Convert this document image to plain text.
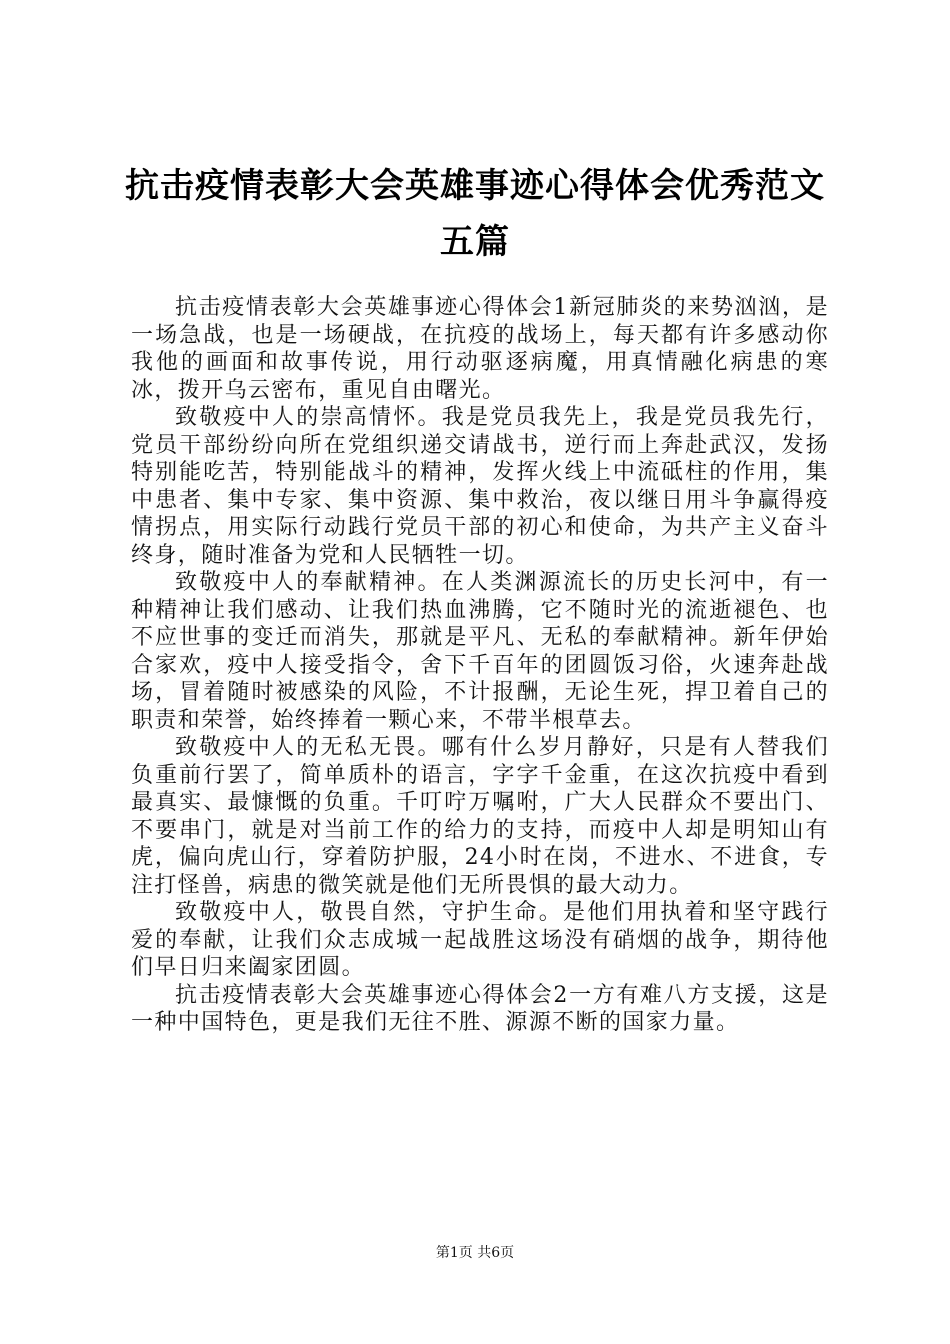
抗击疫情表彰大会英雄事迹心得体会优秀范文五篇

抗击疫情表彰大会英雄事迹心得体会1新冠肺炎的来势汹汹，是一场急战，也是一场硬战，在抗疫的战场上，每天都有许多感动你我他的画面和故事传说，用行动驱逐病魔，用真情融化病患的寒冰，拨开乌云密布，重见自由曙光。

致敬疫中人的崇高情怀。我是党员我先上，我是党员我先行，党员干部纷纷向所在党组织递交请战书，逆行而上奔赴武汉，发扬特别能吃苦，特别能战斗的精神，发挥火线上中流砥柱的作用，集中患者、集中专家、集中资源、集中救治，夜以继日用斗争赢得疫情拐点，用实际行动践行党员干部的初心和使命，为共产主义奋斗终身，随时准备为党和人民牺牲一切。

致敬疫中人的奉献精神。在人类渊源流长的历史长河中，有一种精神让我们感动、让我们热血沸腾，它不随时光的流逝褪色、也不应世事的变迁而消失，那就是平凡、无私的奉献精神。新年伊始合家欢，疫中人接受指令，舍下千百年的团圆饭习俗，火速奔赴战场，冒着随时被感染的风险，不计报酬，无论生死，捍卫着自己的职责和荣誉，始终捧着一颗心来，不带半根草去。

致敬疫中人的无私无畏。哪有什么岁月静好，只是有人替我们负重前行罢了，简单质朴的语言，字字千金重，在这次抗疫中看到最真实、最慷慨的负重。千叮咛万嘱咐，广大人民群众不要出门、不要串门，就是对当前工作的给力的支持，而疫中人却是明知山有虎，偏向虎山行，穿着防护服，24小时在岗，不进水、不进食，专注打怪兽，病患的微笑就是他们无所畏惧的最大动力。

致敬疫中人，敬畏自然，守护生命。是他们用执着和坚守践行爱的奉献，让我们众志成城一起战胜这场没有硝烟的战争，期待他们早日归来阖家团圆。

抗击疫情表彰大会英雄事迹心得体会2一方有难八方支援，这是一种中国特色，更是我们无往不胜、源源不断的国家力量。

第1页 共6页
